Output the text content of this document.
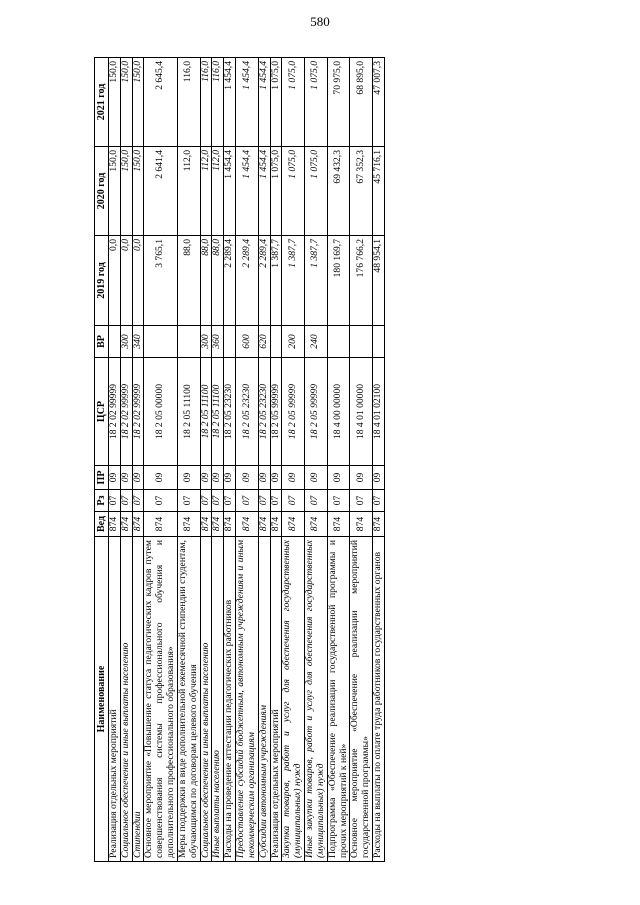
580
Наименование	Вед	Рз	ПР	ЦСР	ВР	2019 год	2020 год	2021 год
Реализация отдельных мероприятий	874	07	09	18 2 02 99999		0,0	150,0	150,0
Социальное обеспечение и иные выплаты населению	874	07	09	18 2 02 99999	300	0,0	150,0	150,0
Стипендии	874	07	09	18 2 02 99999	340	0,0	150,0	150,0
Основное мероприятие «Повышение статуса педагогических кадров путем совершенствования системы профессионального обучения и дополнительного профессионального образования»	874	07	09	18 2 05 00000		3 765,1	2 641,4	2 645,4
Меры поддержки в виде дополнительной ежемесячной стипендии студентам, обучающимся по договорам целевого обучения	874	07	09	18 2 05 11100		88,0	112,0	116,0
Социальное обеспечение и иные выплаты населению	874	07	09	18 2 05 11100	300	88,0	112,0	116,0
Иные выплаты населению	874	07	09	18 2 05 11100	360	88,0	112,0	116,0
Расходы на проведение аттестации педагогических работников	874	07	09	18 2 05 23230		2 289,4	1 454,4	1 454,4
Предоставление субсидий бюджетным, автономным учреждениям и иным некоммерческим организациям	874	07	09	18 2 05 23230	600	2 289,4	1 454,4	1 454,4
Субсидии автономным учреждениям	874	07	09	18 2 05 23230	620	2 289,4	1 454,4	1 454,4
Реализация отдельных мероприятий	874	07	09	18 2 05 99999		1 387,7	1 075,0	1 075,0
Закупка товаров, работ и услуг для обеспечения государственных (муниципальных) нужд	874	07	09	18 2 05 99999	200	1 387,7	1 075,0	1 075,0
Иные закупки товаров, работ и услуг для обеспечения государственных (муниципальных) нужд	874	07	09	18 2 05 99999	240	1 387,7	1 075,0	1 075,0
Подпрограмма «Обеспечение реализации государственной программы и прочих мероприятий к ней»	874	07	09	18 4 00 00000		180 169,7	69 432,3	70 975,0
Основное мероприятие «Обеспечение реализации мероприятий государственной программы»	874	07	09	18 4 01 00000		176 766,2	67 352,3	68 895,0
Расходы на выплаты по оплате труда работников государственных органов	874	07	09	18 4 01 02100		48 954,1	45 716,1	47 007,3
